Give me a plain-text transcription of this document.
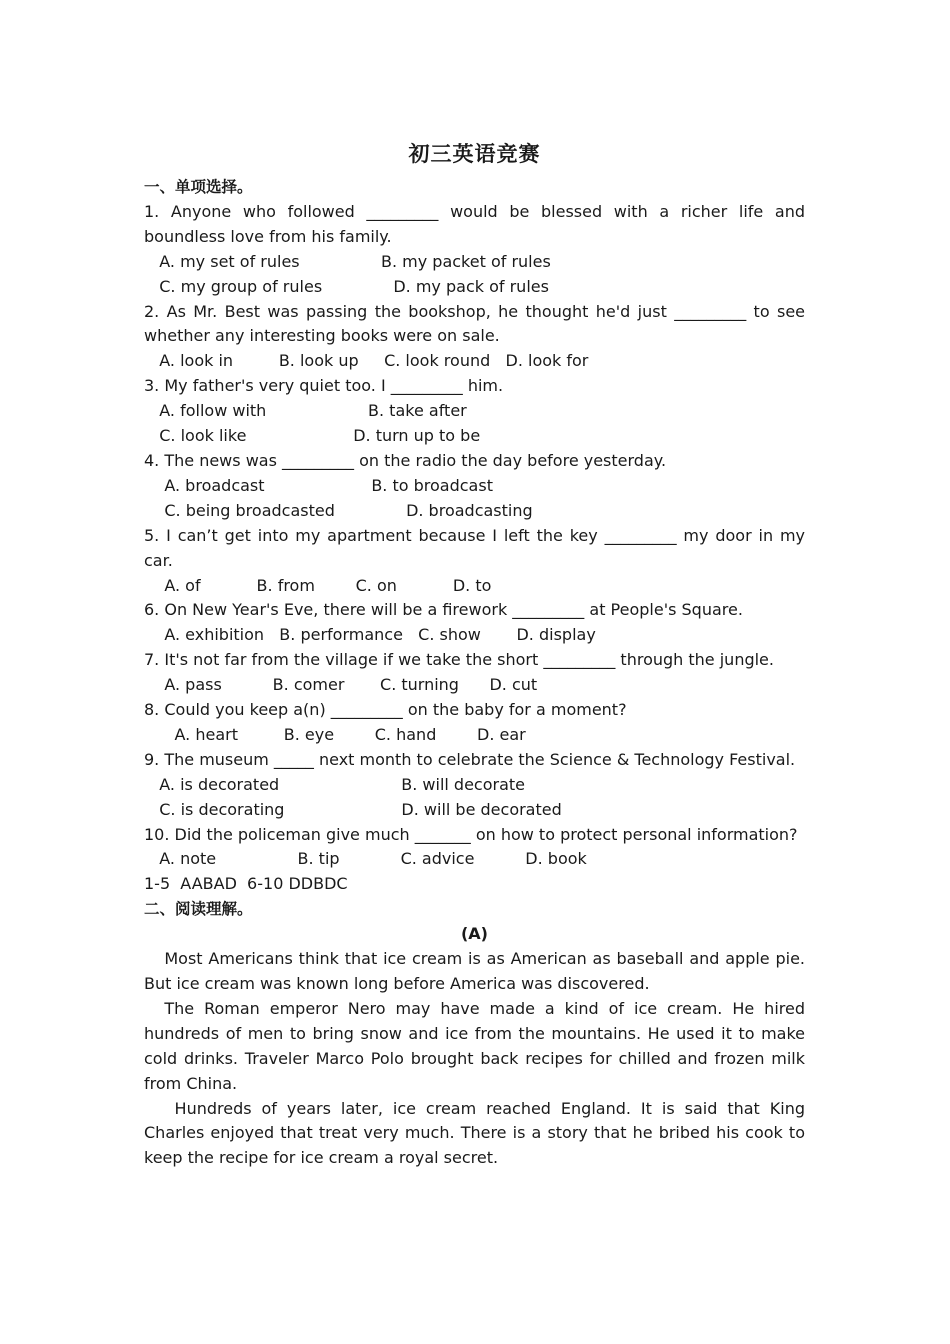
初三英语竞赛
一、单项选择。
1. Anyone who followed _________ would be blessed with a richer life and boundless love from his family.
A. my set of rules                B. my packet of rules
C. my group of rules              D. my pack of rules
2. As Mr. Best was passing the bookshop, he thought he'd just _________ to see whether any interesting books were on sale.
A. look in         B. look up     C. look round   D. look for
3. My father's very quiet too. I _________ him.
A. follow with                    B. take after
C. look like                     D. turn up to be
4. The news was _________ on the radio the day before yesterday.
A. broadcast                     B. to broadcast
C. being broadcasted              D. broadcasting
5. I can’t get into my apartment because I left the key _________ my door in my car.
A. of           B. from        C. on           D. to
6. On New Year's Eve, there will be a firework _________ at People's Square.
A. exhibition   B. performance   C. show       D. display
7. It's not far from the village if we take the short _________ through the jungle.
A. pass          B. comer       C. turning      D. cut
8. Could you keep a(n) _________ on the baby for a moment?
A. heart         B. eye        C. hand        D. ear
9. The museum _____ next month to celebrate the Science & Technology Festival.
A. is decorated                        B. will decorate
C. is decorating                       D. will be decorated
10. Did the policeman give much _______ on how to protect personal information?
A. note                B. tip            C. advice          D. book
1-5  AABAD  6-10 DDBDC
二、阅读理解。
(A)
Most Americans think that ice cream is as American as baseball and apple pie. But ice cream was known long before America was discovered.
The Roman emperor Nero may have made a kind of ice cream. He hired hundreds of men to bring snow and ice from the mountains. He used it to make cold drinks. Traveler Marco Polo brought back recipes for chilled and frozen milk from China.
Hundreds of years later, ice cream reached England. It is said that King Charles enjoyed that treat very much. There is a story that he bribed his cook to keep the recipe for ice cream a royal secret.
